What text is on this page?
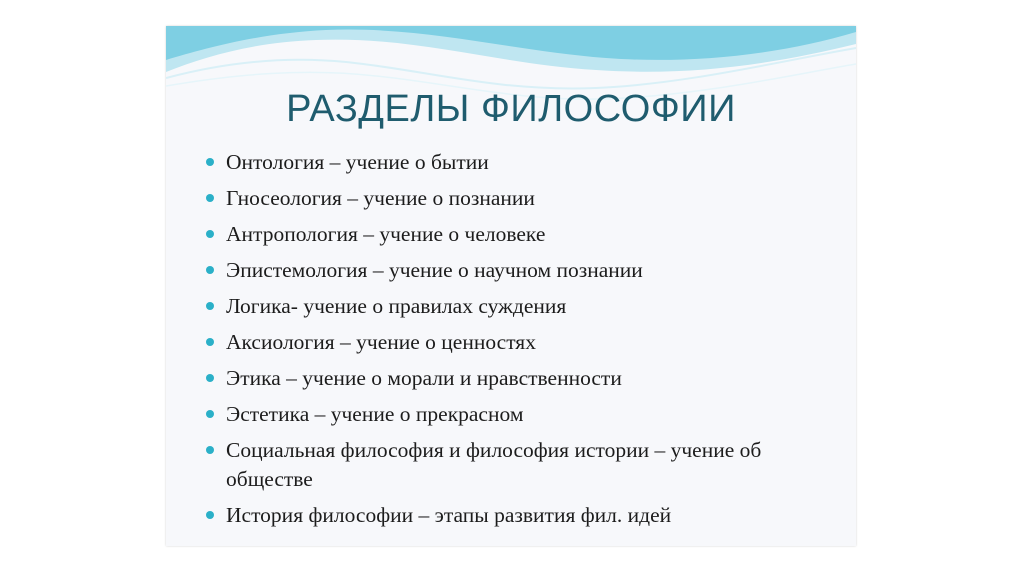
РАЗДЕЛЫ ФИЛОСОФИИ
Онтология – учение о бытии
Гносеология – учение о познании
Антропология – учение о человеке
Эпистемология – учение о научном познании
Логика- учение о правилах суждения
Аксиология – учение о ценностях
Этика – учение о морали и нравственности
Эстетика – учение о прекрасном
Социальная философия и философия истории – учение об обществе
История философии – этапы развития фил. идей
